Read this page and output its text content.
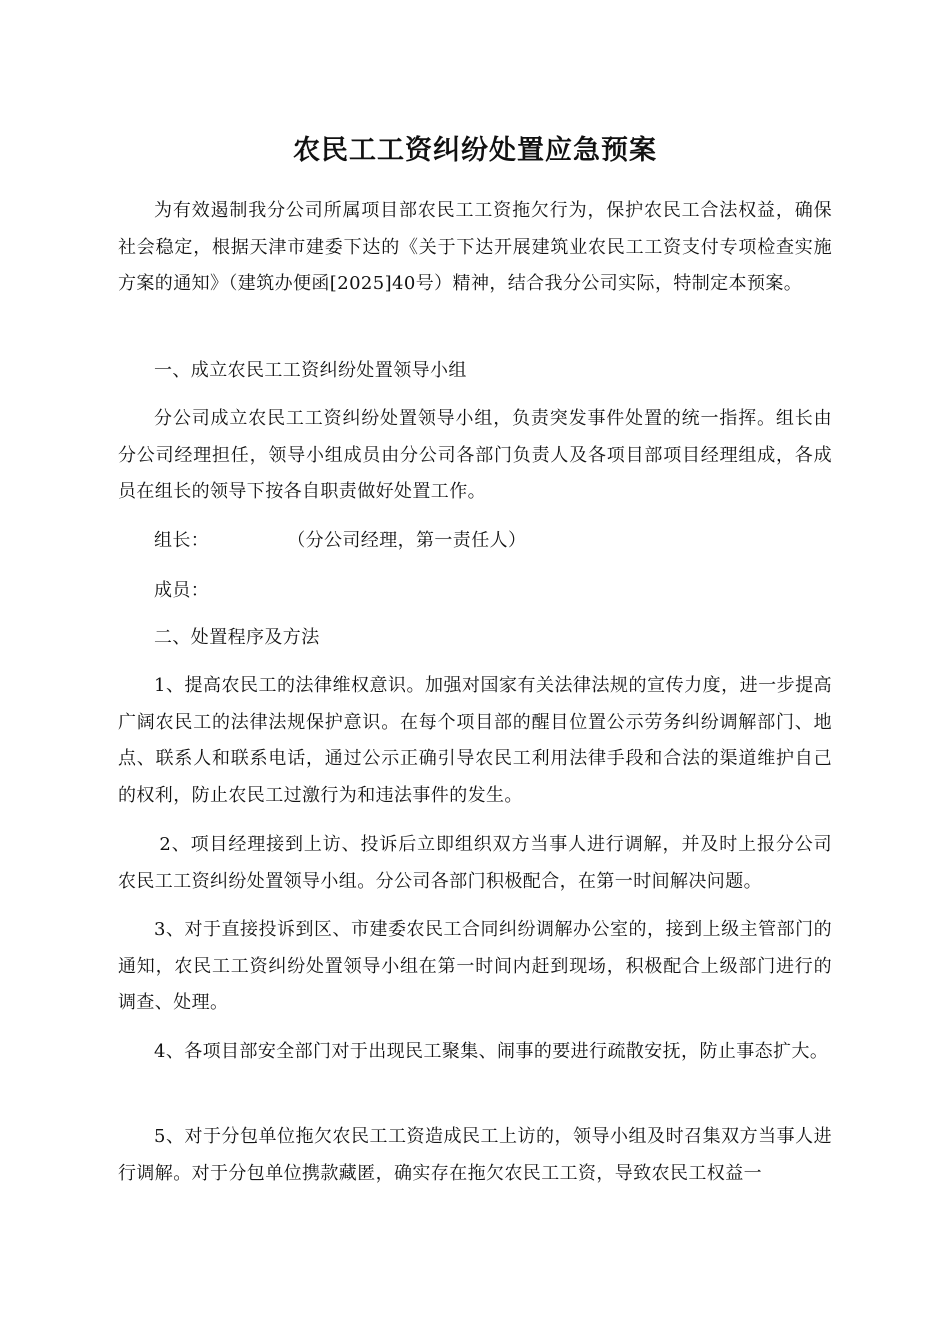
农民工工资纠纷处置应急预案

为有效遏制我分公司所属项目部农民工工资拖欠行为，保护农民工合法权益，确保社会稳定，根据天津市建委下达的《关于下达开展建筑业农民工工资支付专项检查实施方案的通知》（建筑办便函[2025]40号）精神，结合我分公司实际，特制定本预案。

一、成立农民工工资纠纷处置领导小组

分公司成立农民工工资纠纷处置领导小组，负责突发事件处置的统一指挥。组长由分公司经理担任，领导小组成员由分公司各部门负责人及各项目部项目经理组成，各成员在组长的领导下按各自职责做好处置工作。

组长：	（分公司经理，第一责任人）

成员：

二、处置程序及方法

1、提高农民工的法律维权意识。加强对国家有关法律法规的宣传力度，进一步提高广阔农民工的法律法规保护意识。在每个项目部的醒目位置公示劳务纠纷调解部门、地点、联系人和联系电话，通过公示正确引导农民工利用法律手段和合法的渠道维护自己的权利，防止农民工过激行为和违法事件的发生。

2、项目经理接到上访、投诉后立即组织双方当事人进行调解，并及时上报分公司农民工工资纠纷处置领导小组。分公司各部门积极配合，在第一时间解决问题。

3、对于直接投诉到区、市建委农民工合同纠纷调解办公室的，接到上级主管部门的通知，农民工工资纠纷处置领导小组在第一时间内赶到现场，积极配合上级部门进行的调查、处理。

4、各项目部安全部门对于出现民工聚集、闹事的要进行疏散安抚，防止事态扩大。

5、对于分包单位拖欠农民工工资造成民工上访的，领导小组及时召集双方当事人进行调解。对于分包单位携款藏匿，确实存在拖欠农民工工资，导致农民工权益一
